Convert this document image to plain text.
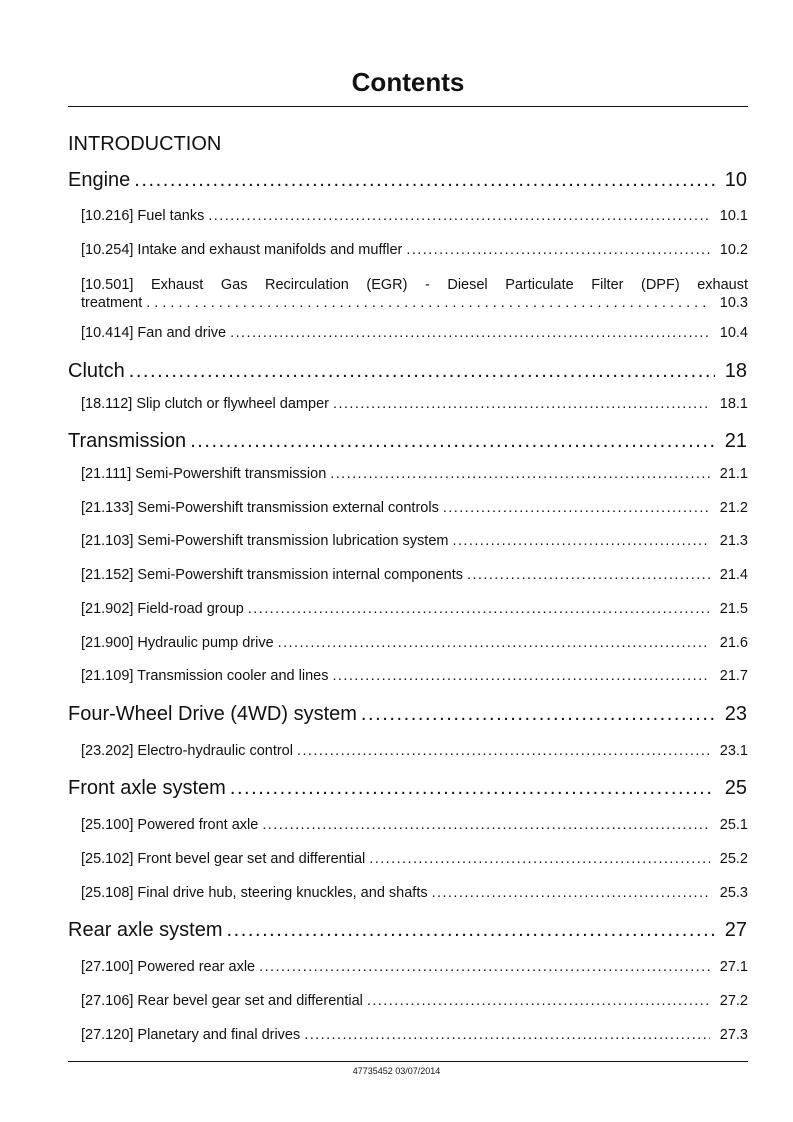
Contents
INTRODUCTION
Engine . . .	10
[10.216] Fuel tanks . . .	10.1
[10.254] Intake and exhaust manifolds and muffler . . .	10.2
[10.501] Exhaust Gas Recirculation (EGR) - Diesel Particulate Filter (DPF) exhaust
treatment . . .	10.3
[10.414] Fan and drive . . .	10.4
Clutch . . .	18
[18.112] Slip clutch or flywheel damper . . .	18.1
Transmission . . .	21
[21.111] Semi-Powershift transmission . . .	21.1
[21.133] Semi-Powershift transmission external controls . . .	21.2
[21.103] Semi-Powershift transmission lubrication system . . .	21.3
[21.152] Semi-Powershift transmission internal components . . .	21.4
[21.902] Field-road group . . .	21.5
[21.900] Hydraulic pump drive . . .	21.6
[21.109] Transmission cooler and lines . . .	21.7
Four-Wheel Drive (4WD) system . . .	23
[23.202] Electro-hydraulic control . . .	23.1
Front axle system . . .	25
[25.100] Powered front axle . . .	25.1
[25.102] Front bevel gear set and differential . . .	25.2
[25.108] Final drive hub, steering knuckles, and shafts . . .	25.3
Rear axle system . . .	27
[27.100] Powered rear axle . . .	27.1
[27.106] Rear bevel gear set and differential . . .	27.2
[27.120] Planetary and final drives . . .	27.3
47735452 03/07/2014
